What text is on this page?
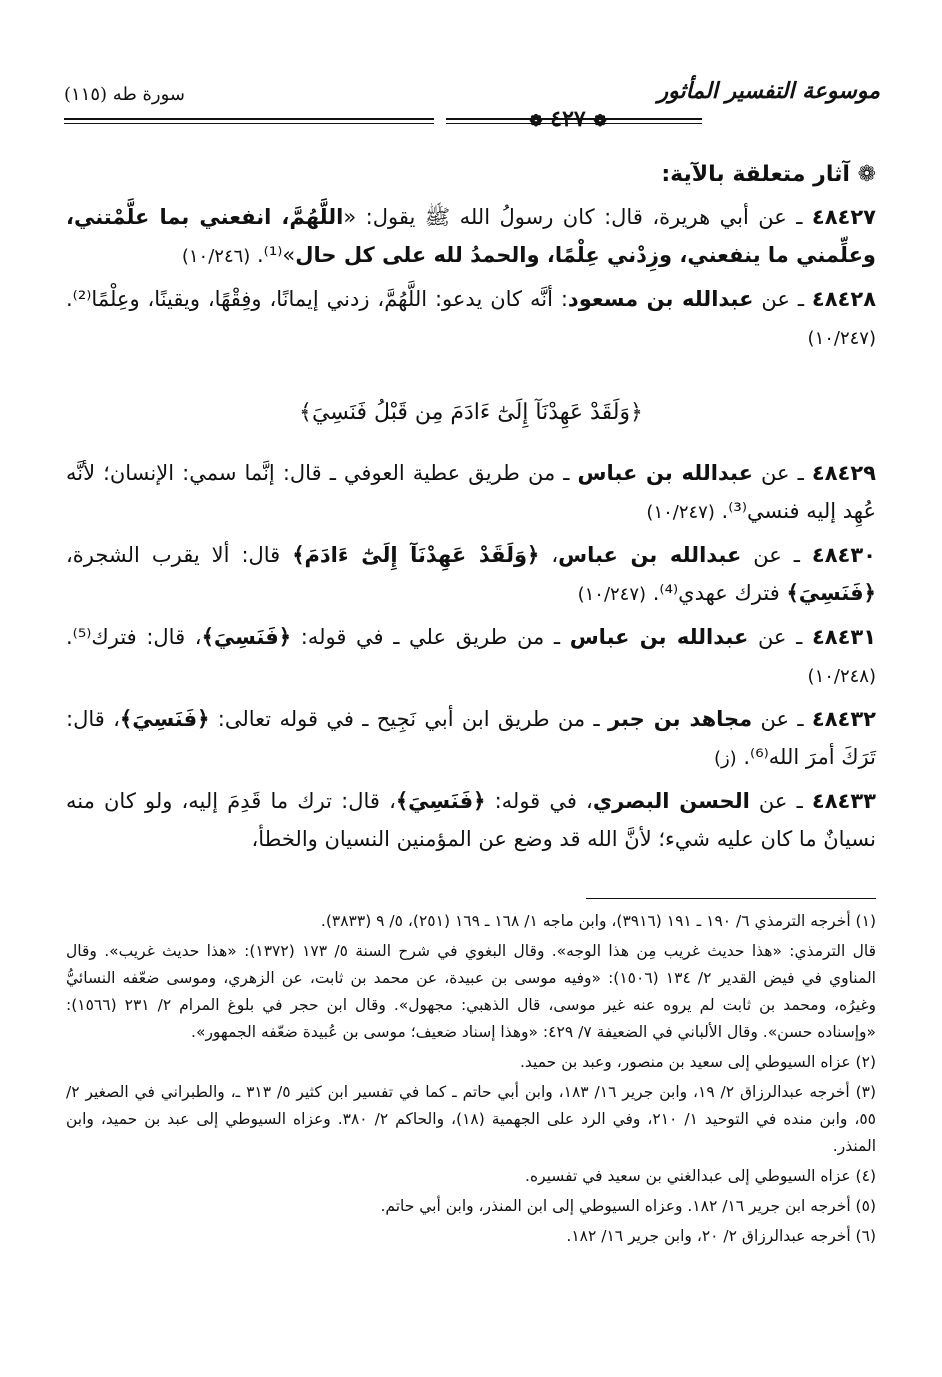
موسوعة التفسير المأثور
❁ ٤٢٧ ❁
سورة طه (١١٥)
❁ آثار متعلقة بالآية:
٤٨٤٢٧ ـ عن أبي هريرة، قال: كان رسولُ الله ﷺ يقول: «اللَّهُمَّ، انفعني بما علَّمْتني، وعلِّمني ما ينفعني، وزِدْني عِلْمًا، والحمدُ لله على كل حال»⁽¹⁾. (١٠/٢٤٦)
٤٨٤٢٨ ـ عن عبدالله بن مسعود: أنَّه كان يدعو: اللَّهُمَّ، زدني إيمانًا، وفِقْهًا، ويقينًا، وعِلْمًا⁽²⁾. (١٠/٢٤٧)
﴿وَلَقَدْ عَهِدْنَآ إِلَىٰٓ ءَادَمَ مِن قَبْلُ فَنَسِيَ﴾
٤٨٤٢٩ ـ عن عبدالله بن عباس ـ من طريق عطية العوفي ـ قال: إنَّما سمي: الإنسان؛ لأنَّه عُهِد إليه فنسي⁽³⁾. (١٠/٢٤٧)
٤٨٤٣٠ ـ عن عبدالله بن عباس، ﴿وَلَقَدْ عَهِدْنَآ إِلَىٰٓ ءَادَمَ﴾ قال: ألا يقرب الشجرة، ﴿فَنَسِيَ﴾ فترك عهدي⁽⁴⁾. (١٠/٢٤٧)
٤٨٤٣١ ـ عن عبدالله بن عباس ـ من طريق علي ـ في قوله: ﴿فَنَسِيَ﴾، قال: فترك⁽⁵⁾. (١٠/٢٤٨)
٤٨٤٣٢ ـ عن مجاهد بن جبر ـ من طريق ابن أبي نَجِيح ـ في قوله تعالى: ﴿فَنَسِيَ﴾، قال: تَرَكَ أمرَ الله⁽⁶⁾. (ز)
٤٨٤٣٣ ـ عن الحسن البصري، في قوله: ﴿فَنَسِيَ﴾، قال: ترك ما قَدِمَ إليه، ولو كان منه نسيانٌ ما كان عليه شيء؛ لأنَّ الله قد وضع عن المؤمنين النسيان والخطأ،
(١) أخرجه الترمذي ٦/ ١٩٠ ـ ١٩١ (٣٩١٦)، وابن ماجه ١/ ١٦٨ ـ ١٦٩ (٢٥١)، ٥/ ٩ (٣٨٣٣).
قال الترمذي: «هذا حديث غريب مِن هذا الوجه». وقال البغوي في شرح السنة ٥/ ١٧٣ (١٣٧٢): «هذا حديث غريب». وقال المناوي في فيض القدير ٢/ ١٣٤ (١٥٠٦): «وفيه موسى بن عبيدة، عن محمد بن ثابت، عن الزهري، وموسى ضعّفه النسائيُّ وغيرُه، ومحمد بن ثابت لم يروه عنه غير موسى، قال الذهبي: مجهول». وقال ابن حجر في بلوغ المرام ٢/ ٢٣١ (١٥٦٦): «وإسناده حسن». وقال الألباني في الضعيفة ٧/ ٤٢٩: «وهذا إسناد ضعيف؛ موسى بن عُبيدة ضعّفه الجمهور».
(٢) عزاه السيوطي إلى سعيد بن منصور، وعبد بن حميد.
(٣) أخرجه عبدالرزاق ٢/ ١٩، وابن جرير ١٦/ ١٨٣، وابن أبي حاتم ـ كما في تفسير ابن كثير ٥/ ٣١٣ ـ، والطبراني في الصغير ٢/ ٥٥، وابن منده في التوحيد ١/ ٢١٠، وفي الرد على الجهمية (١٨)، والحاكم ٢/ ٣٨٠. وعزاه السيوطي إلى عبد بن حميد، وابن المنذر.
(٤) عزاه السيوطي إلى عبدالغني بن سعيد في تفسيره.
(٥) أخرجه ابن جرير ١٦/ ١٨٢. وعزاه السيوطي إلى ابن المنذر، وابن أبي حاتم.
(٦) أخرجه عبدالرزاق ٢/ ٢٠، وابن جرير ١٦/ ١٨٢.
